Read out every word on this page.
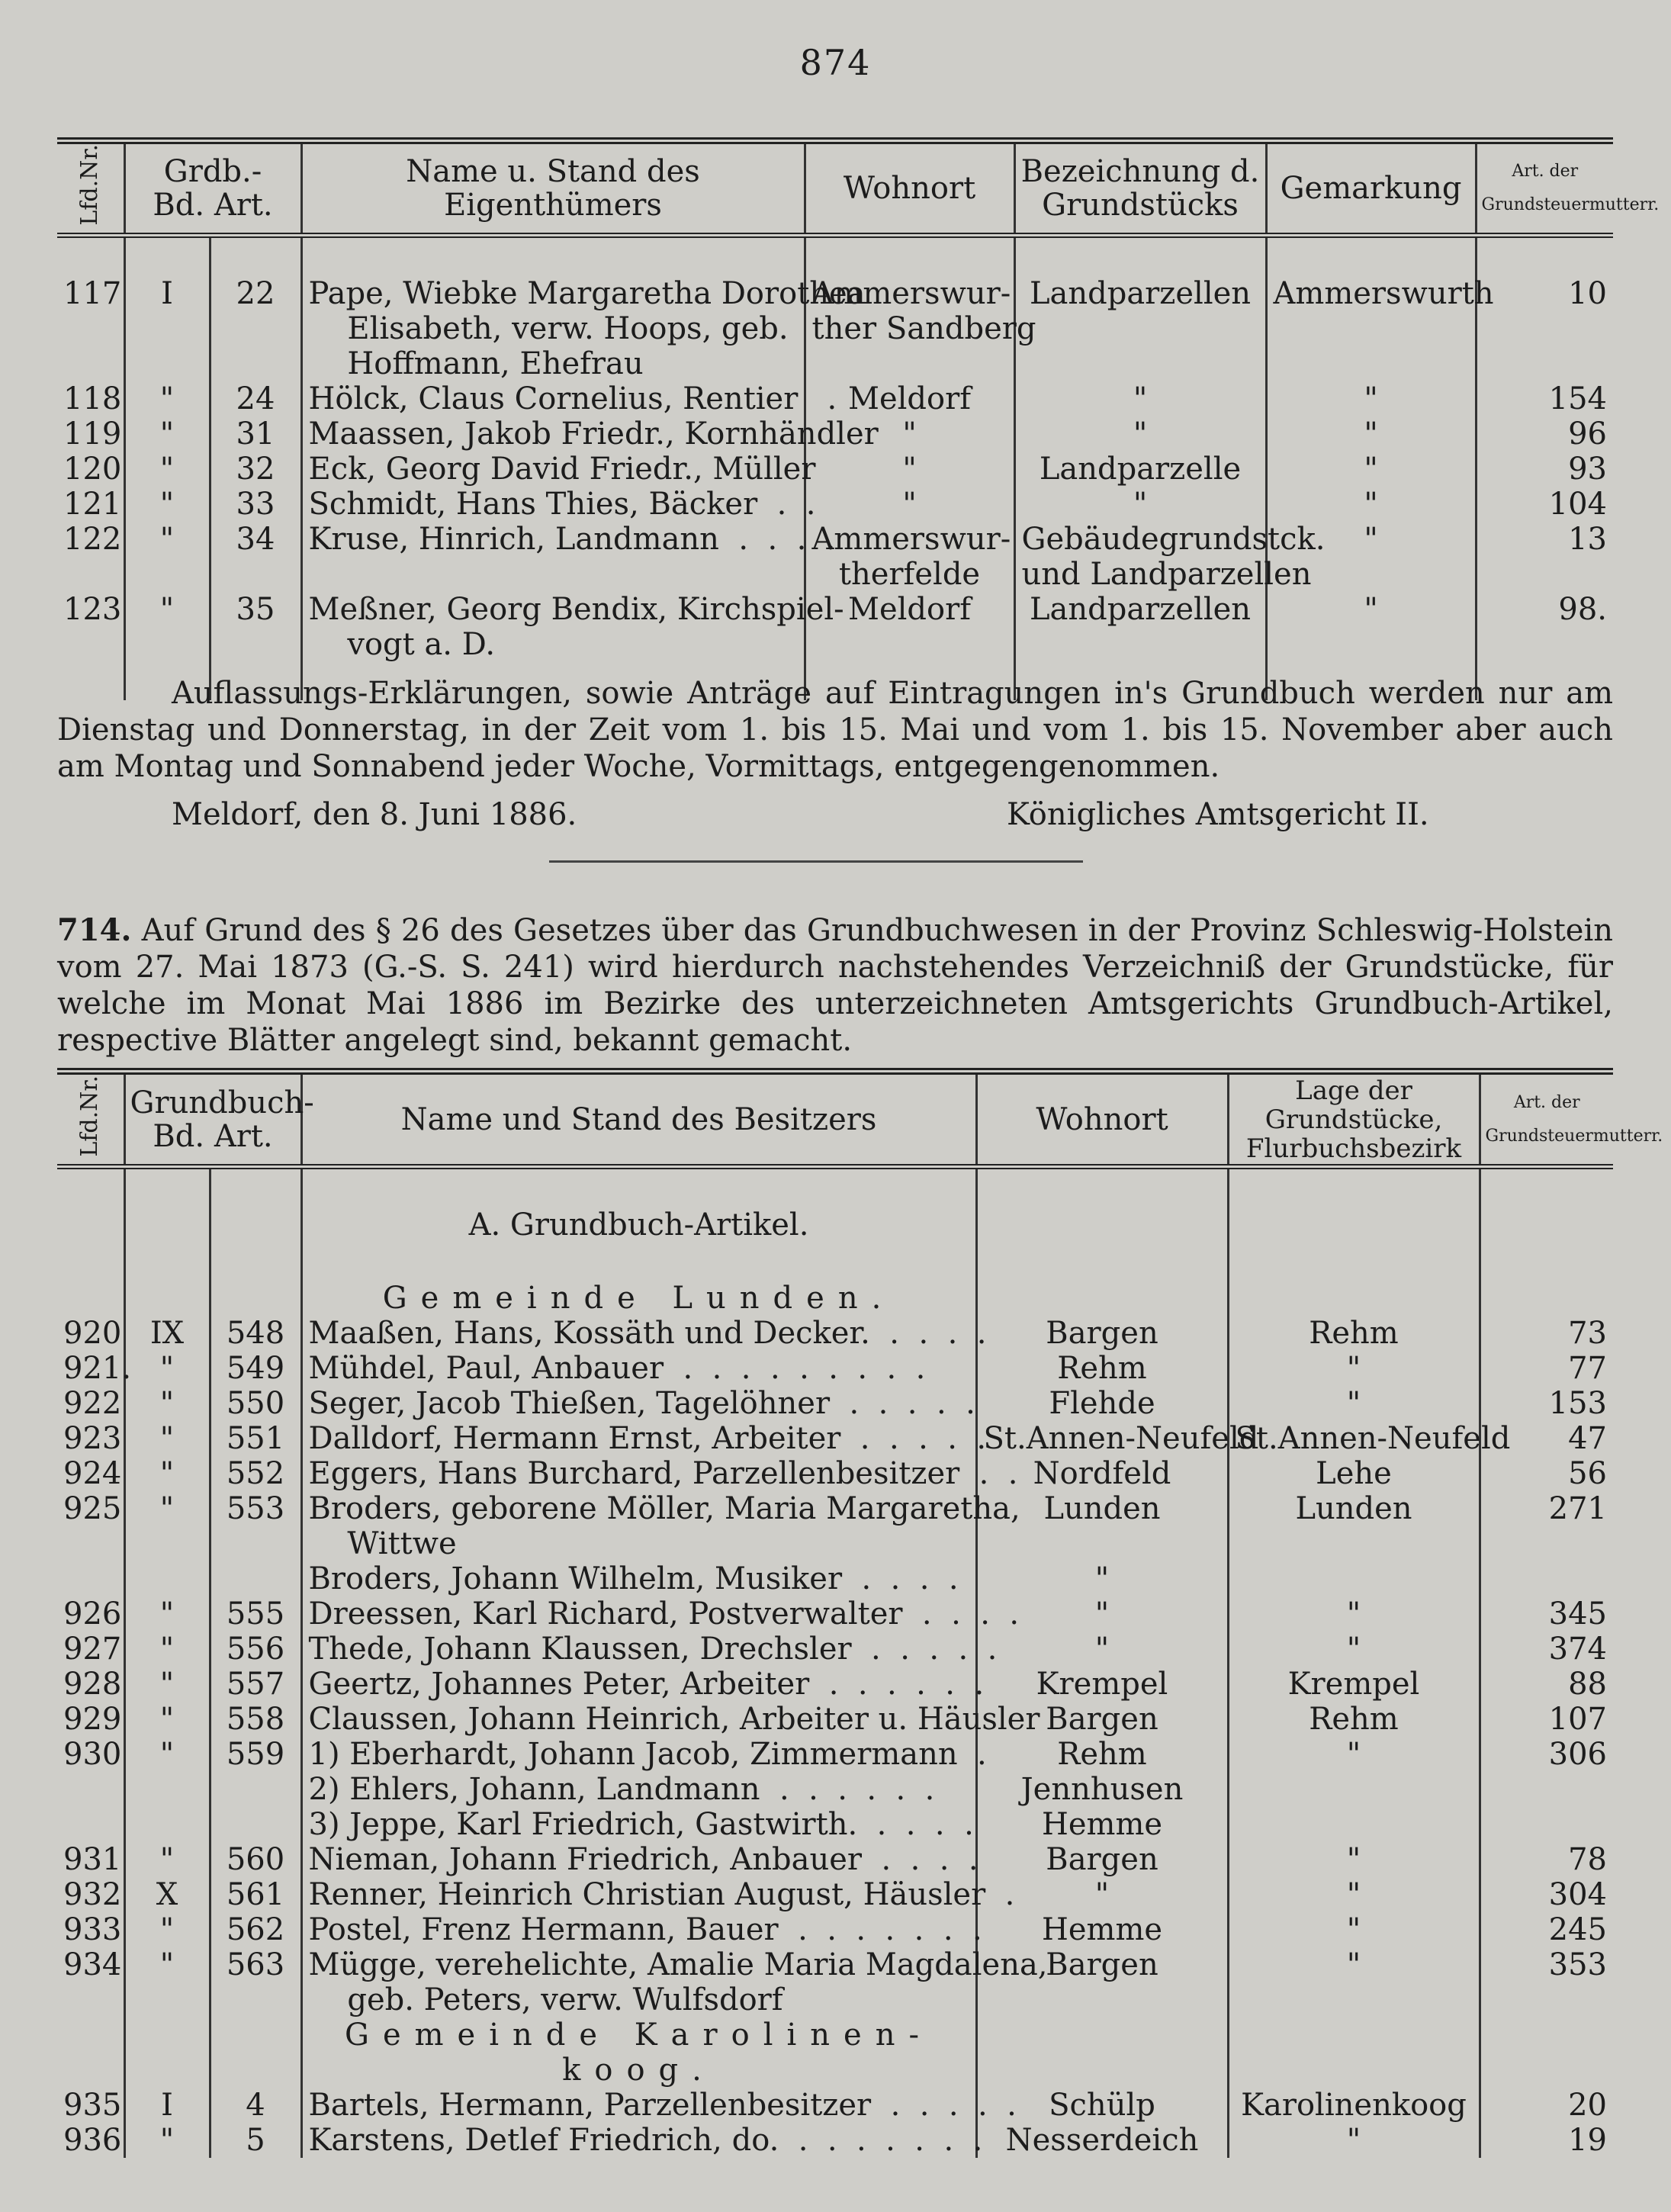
874
Lfd.Nr.	Grdb.-
Bd. Art.		Name u. Stand des Eigenthümers	Wohnort	Bezeichnung d. Grundstücks	Gemarkung	Art. der Grundsteuermutterr.

117	I	22	Pape, Wiebke Margaretha Dorothea	Ammerswur-	Landparzellen	Ammerswurth	10
			Elisabeth, verw. Hoops, geb.	ther Sandberg			
			Hoffmann, Ehefrau				
118	"	24	Hölck, Claus Cornelius, Rentier   .	Meldorf	"	"	154
119	"	31	Maassen, Jakob Friedr., Kornhändler	"	"	"	96
120	"	32	Eck, Georg David Friedr., Müller	"	Landparzelle	"	93
121	"	33	Schmidt, Hans Thies, Bäcker  .  .	"	"	"	104
122	"	34	Kruse, Hinrich, Landmann  .  .  .  .	Ammerswur-	Gebäudegrundstck.	"	13
				therfelde	und Landparzellen		
123	"	35	Meßner, Georg Bendix, Kirchspiel-	Meldorf	Landparzellen	"	98.
			vogt a. D.				

Auflassungs-Erklärungen, sowie Anträge auf Eintragungen in's Grundbuch werden nur am Dienstag und Donnerstag, in der Zeit vom 1. bis 15. Mai und vom 1. bis 15. November aber auch am Montag und Sonnabend jeder Woche, Vormittags, entgegengenommen.
Meldorf, den 8. Juni 1886.	Königliches Amtsgericht II.
714. Auf Grund des § 26 des Gesetzes über das Grundbuchwesen in der Provinz Schleswig-Holstein vom 27. Mai 1873 (G.-S. S. 241) wird hierdurch nachstehendes Verzeichniß der Grundstücke, für welche im Monat Mai 1886 im Bezirke des unterzeichneten Amtsgerichts Grundbuch-Artikel, respective Blätter angelegt sind, bekannt gemacht.
Lfd.Nr.	Grundbuch-
Bd. Art.		Name und Stand des Besitzers	Wohnort	Lage der Grundstücke, Flurbuchsbezirk	Art. der Grundsteuermutterr.

			A. Grundbuch-Artikel.			

			Gemeinde Lunden.			
920	IX	548	Maaßen, Hans, Kossäth und Decker.  .  .  .  .	Bargen	Rehm	73
921.	"	549	Mühdel, Paul, Anbauer  .  .  .  .  .  .  .  .  .	Rehm	"	77
922	"	550	Seger, Jacob Thießen, Tagelöhner  .  .  .  .  .	Flehde	"	153
923	"	551	Dalldorf, Hermann Ernst, Arbeiter  .  .  .  .  .	St.Annen-Neufeld	St.Annen-Neufeld	47
924	"	552	Eggers, Hans Burchard, Parzellenbesitzer  .  .	Nordfeld	Lehe	56
925	"	553	Broders, geborene Möller, Maria Margaretha,	Lunden	Lunden	271
			Wittwe			
			Broders, Johann Wilhelm, Musiker  .  .  .  .	"		
926	"	555	Dreessen, Karl Richard, Postverwalter  .  .  .  .	"	"	345
927	"	556	Thede, Johann Klaussen, Drechsler  .  .  .  .  .	"	"	374
928	"	557	Geertz, Johannes Peter, Arbeiter  .  .  .  .  .  .	Krempel	Krempel	88
929	"	558	Claussen, Johann Heinrich, Arbeiter u. Häusler	Bargen	Rehm	107
930	"	559	1) Eberhardt, Johann Jacob, Zimmermann  .	Rehm	"	306
			2) Ehlers, Johann, Landmann  .  .  .  .  .  .	Jennhusen		
			3) Jeppe, Karl Friedrich, Gastwirth.  .  .  .  .	Hemme		
931	"	560	Nieman, Johann Friedrich, Anbauer  .  .  .  .	Bargen	"	78
932	X	561	Renner, Heinrich Christian August, Häusler  .	"	"	304
933	"	562	Postel, Frenz Hermann, Bauer  .  .  .  .  .  .  .	Hemme	"	245
934	"	563	Mügge, verehelichte, Amalie Maria Magdalena,	Bargen	"	353
			geb. Peters, verw. Wulfsdorf			
			Gemeinde Karolinen-			
			koog.			
935	I	4	Bartels, Hermann, Parzellenbesitzer  .  .  .  .  .	Schülp	Karolinenkoog	20
936	"	5	Karstens, Detlef Friedrich, do.  .  .  .  .  .  .  .	Nesserdeich	"	19
